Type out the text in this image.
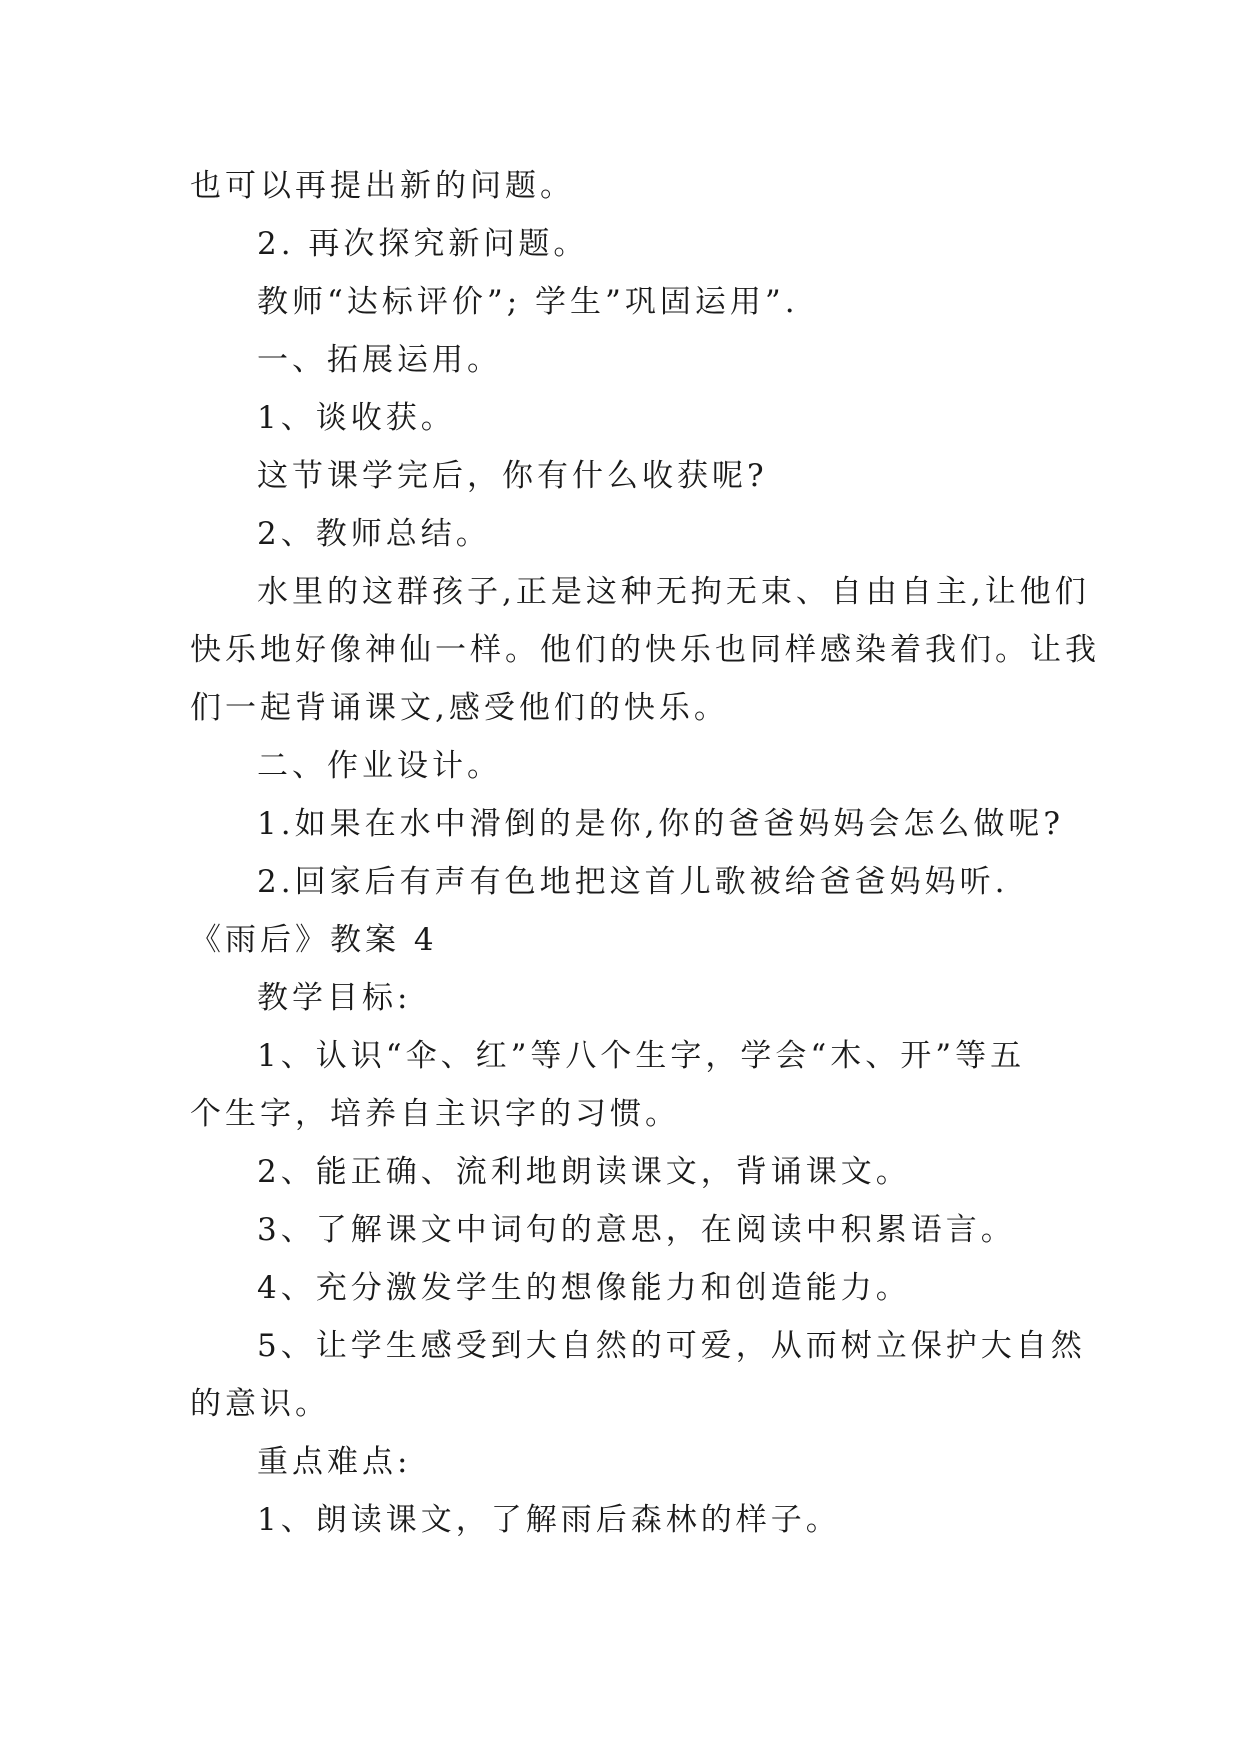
也可以再提出新的问题。
2. 再次探究新问题。
教师“达标评价”; 学生”巩固运用”.
一、拓展运用。
1、谈收获。
这节课学完后，你有什么收获呢?
2、教师总结。
水里的这群孩子,正是这种无拘无束、自由自主,让他们
快乐地好像神仙一样。他们的快乐也同样感染着我们。让我
们一起背诵课文,感受他们的快乐。
二、作业设计。
1.如果在水中滑倒的是你,你的爸爸妈妈会怎么做呢?
2.回家后有声有色地把这首儿歌被给爸爸妈妈听.
《雨后》教案 4
教学目标:
1、认识“伞、红”等八个生字，学会“木、开”等五
个生字，培养自主识字的习惯。
2、能正确、流利地朗读课文，背诵课文。
3、了解课文中词句的意思，在阅读中积累语言。
4、充分激发学生的想像能力和创造能力。
5、让学生感受到大自然的可爱，从而树立保护大自然
的意识。
重点难点:
1、朗读课文，了解雨后森林的样子。
